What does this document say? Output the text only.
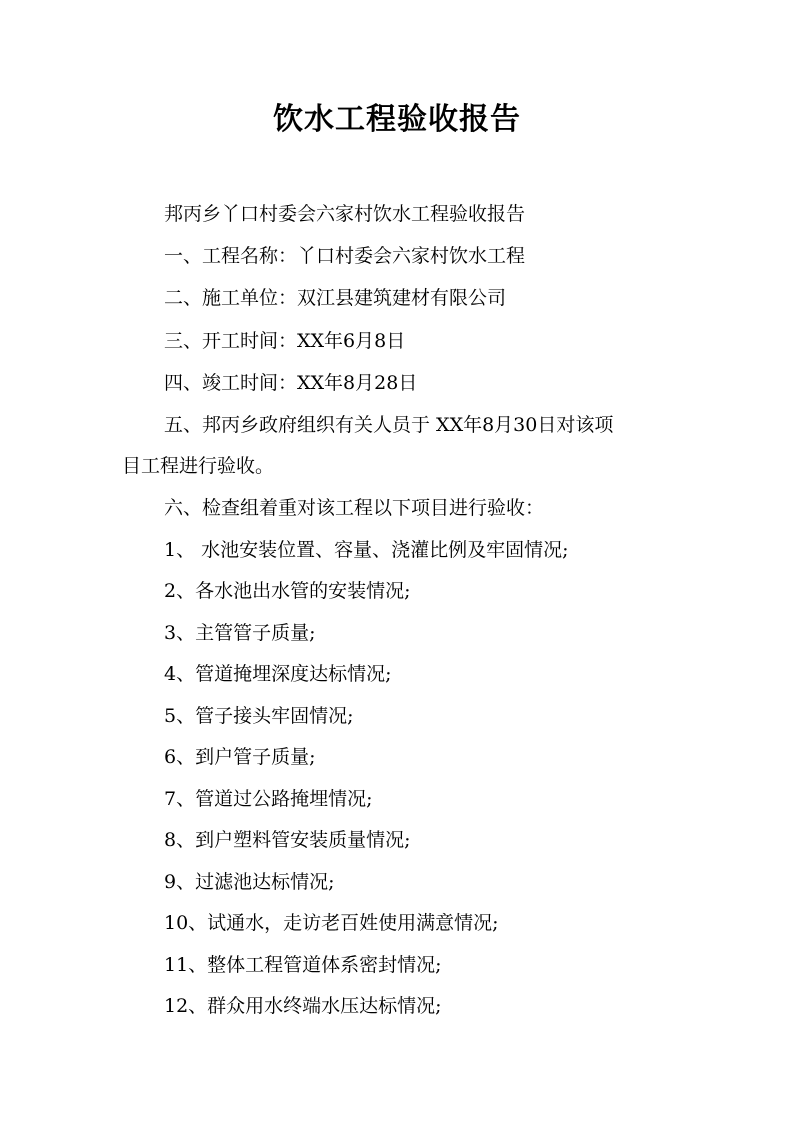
饮水工程验收报告
邦丙乡丫口村委会六家村饮水工程验收报告
一、工程名称：丫口村委会六家村饮水工程
二、施工单位：双江县建筑建材有限公司
三、开工时间：XX年6月8日
四、竣工时间：XX年8月28日
五、邦丙乡政府组织有关人员于 XX年8月30日对该项
目工程进行验收。
六、检查组着重对该工程以下项目进行验收：
1、 水池安装位置、容量、浇灌比例及牢固情况;
2、各水池出水管的安装情况;
3、主管管子质量;
4、管道掩埋深度达标情况;
5、管子接头牢固情况;
6、到户管子质量;
7、管道过公路掩埋情况;
8、到户塑料管安装质量情况;
9、过滤池达标情况;
10、试通水，走访老百姓使用满意情况;
11、整体工程管道体系密封情况;
12、群众用水终端水压达标情况;
